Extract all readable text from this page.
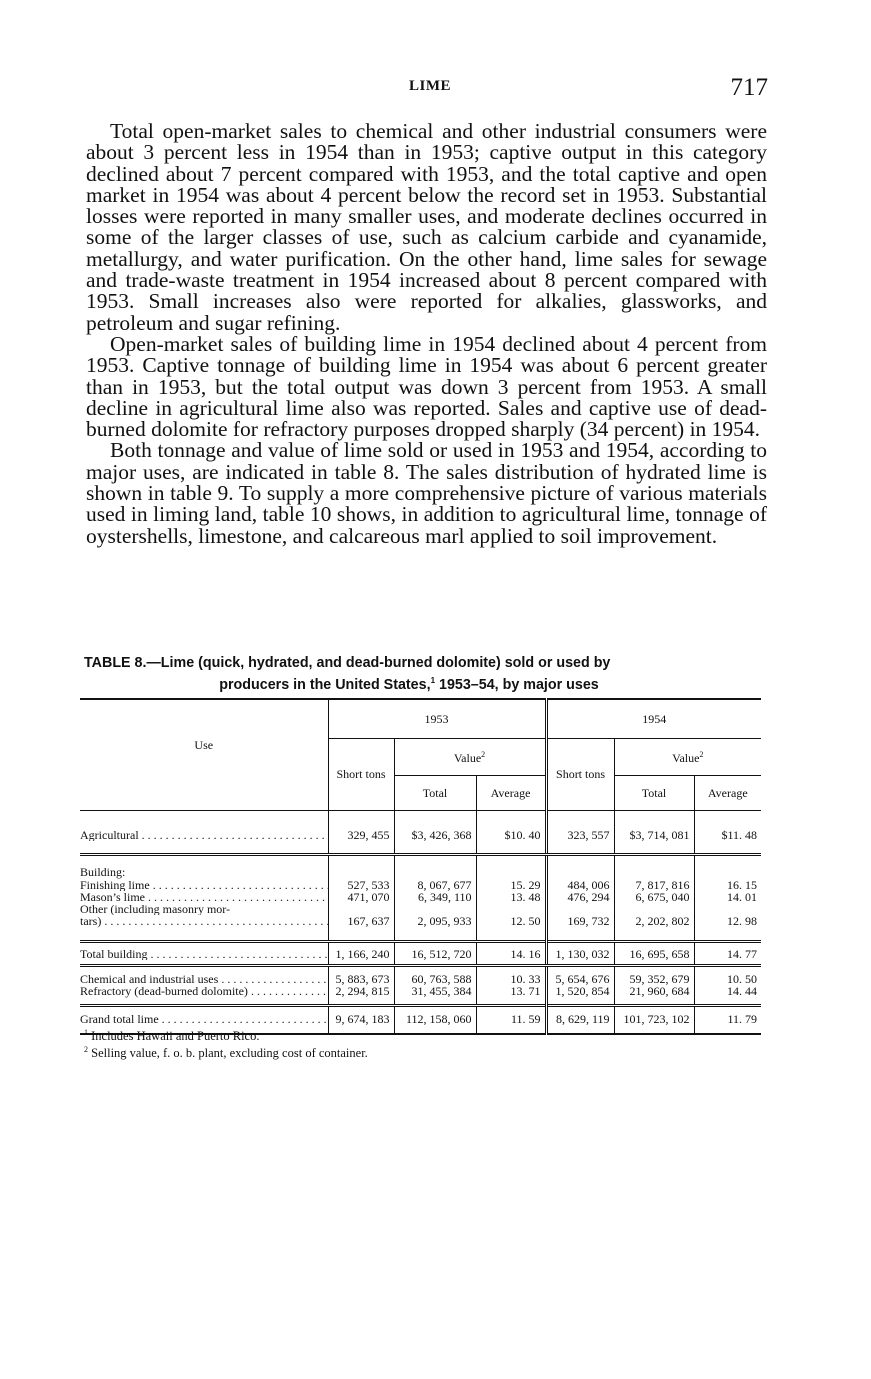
LIME	717

Total open-market sales to chemical and other industrial consumers were about 3 percent less in 1954 than in 1953; captive output in this category declined about 7 percent compared with 1953, and the total captive and open market in 1954 was about 4 percent below the record set in 1953. Substantial losses were reported in many smaller uses, and moderate declines occurred in some of the larger classes of use, such as calcium carbide and cyanamide, metallurgy, and water purification. On the other hand, lime sales for sewage and trade-waste treatment in 1954 increased about 8 percent compared with 1953. Small increases also were reported for alkalies, glassworks, and petroleum and sugar refining.

Open-market sales of building lime in 1954 declined about 4 percent from 1953. Captive tonnage of building lime in 1954 was about 6 percent greater than in 1953, but the total output was down 3 percent from 1953. A small decline in agricultural lime also was reported. Sales and captive use of dead-burned dolomite for refractory purposes dropped sharply (34 percent) in 1954.

Both tonnage and value of lime sold or used in 1953 and 1954, according to major uses, are indicated in table 8. The sales distribution of hydrated lime is shown in table 9. To supply a more comprehensive picture of various materials used in liming land, table 10 shows, in addition to agricultural lime, tonnage of oystershells, limestone, and calcareous marl applied to soil improvement.

TABLE 8.—Lime (quick, hydrated, and dead-burned dolomite) sold or used by
producers in the United States,$^1$ 1953–54, by major uses
Use	1953			1954		
	Short tons	Value$^2$		Short tons	Value$^2$
		Total	Average		Total	Average

Agricultural . . .	329, 455	$3, 426, 368	$10. 40	323, 557	$3, 714, 081	$11. 48

Building:						

Finishing lime . . .	527, 533	8, 067, 677	15. 29	484, 006	7, 817, 816	16. 15

Mason’s lime . . .	471, 070	6, 349, 110	13. 48	476, 294	6, 675, 040	14. 01

Other (including masonry mor-						

tars) . . .	167, 637	2, 095, 933	12. 50	169, 732	2, 202, 802	12. 98

Total building . . .	1, 166, 240	16, 512, 720	14. 16	1, 130, 032	16, 695, 658	14. 77

Chemical and industrial uses . . .	5, 883, 673	60, 763, 588	10. 33	5, 654, 676	59, 352, 679	10. 50

Refractory (dead-burned dolomite) . . .	2, 294, 815	31, 455, 384	13. 71	1, 520, 854	21, 960, 684	14. 44

Grand total lime . . .	9, 674, 183	112, 158, 060	11. 59	8, 629, 119	101, 723, 102	11. 79
$^1$ Includes Hawaii and Puerto Rico.
$^2$ Selling value, f. o. b. plant, excluding cost of container.
